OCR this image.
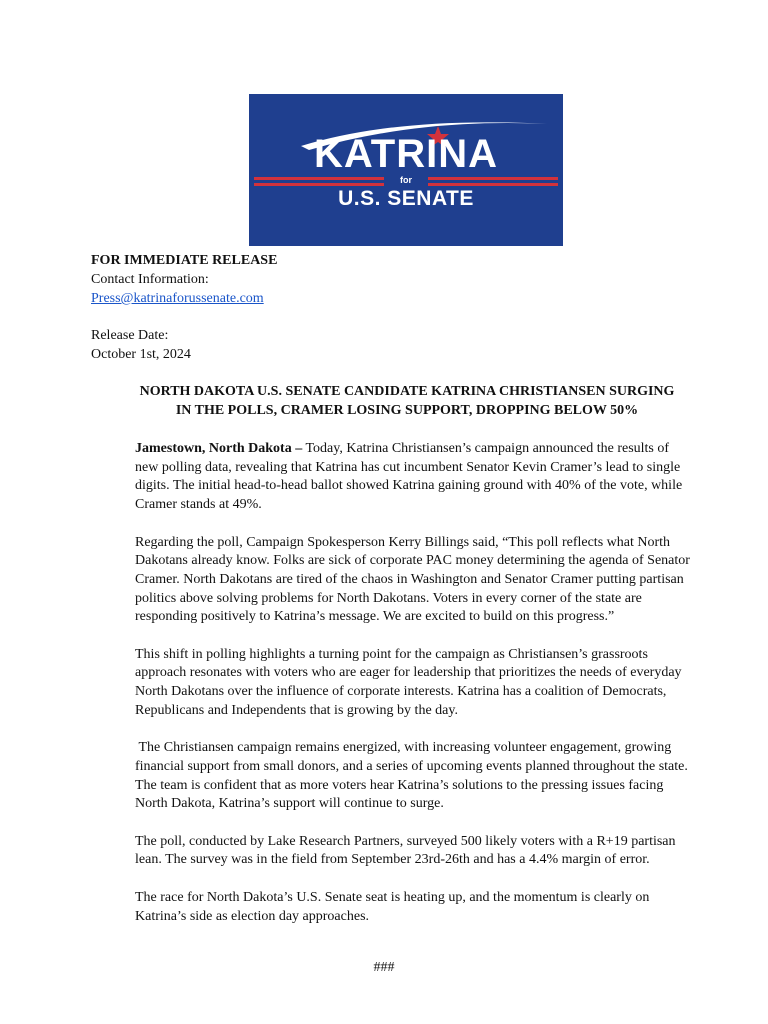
KATRINA
for
U.S. SENATE
FOR IMMEDIATE RELEASE
Contact Information:
Press@katrinaforussenate.com
Release Date:
October 1st, 2024
NORTH DAKOTA U.S. SENATE CANDIDATE KATRINA CHRISTIANSEN SURGING
IN THE POLLS, CRAMER LOSING SUPPORT, DROPPING BELOW 50%

Jamestown, North Dakota – Today, Katrina Christiansen’s campaign announced the results of new polling data, revealing that Katrina has cut incumbent Senator Kevin Cramer’s lead to single digits. The initial head-to-head ballot showed Katrina gaining ground with 40% of the vote, while Cramer stands at 49%.

Regarding the poll, Campaign Spokesperson Kerry Billings said, “This poll reflects what North Dakotans already know. Folks are sick of corporate PAC money determining the agenda of Senator Cramer. North Dakotans are tired of the chaos in Washington and Senator Cramer putting partisan politics above solving problems for North Dakotans. Voters in every corner of the state are responding positively to Katrina’s message. We are excited to build on this progress.”

This shift in polling highlights a turning point for the campaign as Christiansen’s grassroots approach resonates with voters who are eager for leadership that prioritizes the needs of everyday North Dakotans over the influence of corporate interests. Katrina has a coalition of Democrats, Republicans and Independents that is growing by the day.

The Christiansen campaign remains energized, with increasing volunteer engagement, growing financial support from small donors, and a series of upcoming events planned throughout the state. The team is confident that as more voters hear Katrina’s solutions to the pressing issues facing North Dakota, Katrina’s support will continue to surge.

The poll, conducted by Lake Research Partners, surveyed 500 likely voters with a R+19 partisan lean. The survey was in the field from September 23rd-26th and has a 4.4% margin of error.

The race for North Dakota’s U.S. Senate seat is heating up, and the momentum is clearly on Katrina’s side as election day approaches.

###
